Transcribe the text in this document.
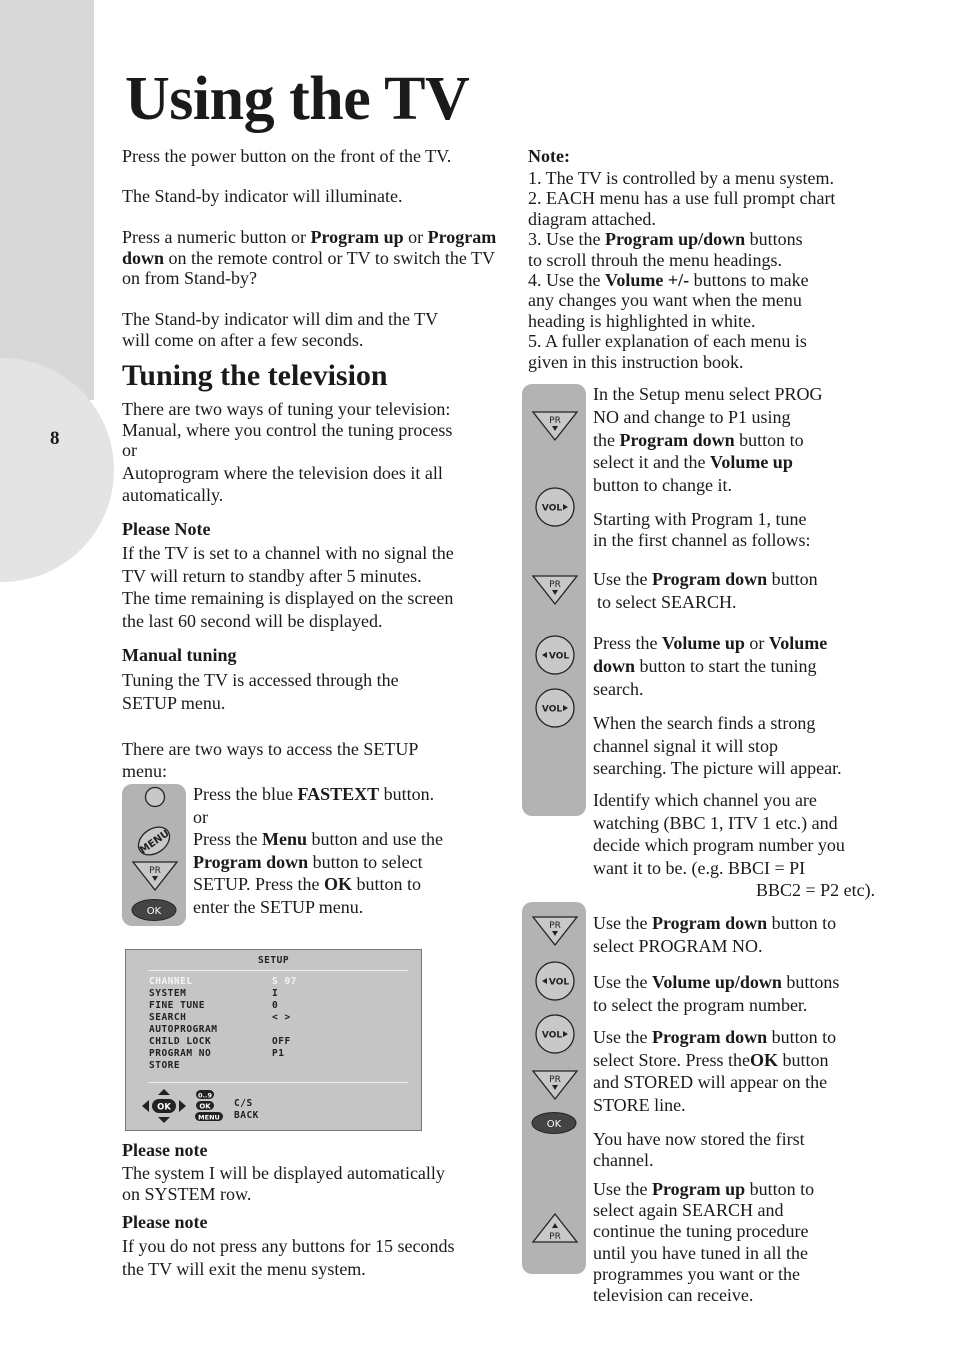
8
Using the TV

Press the power button on the front of the TV.

The Stand-by indicator will illuminate.

Press a numeric button or Program up or Program down on the remote control or TV to switch the TV on from Stand-by?

The Stand-by indicator will dim and the TV will come on after a few seconds.

Tuning the television
There are two ways of tuning your television:
Manual, where you control the tuning process
or
Autoprogram where the television does it all
automatically.

Please Note

If the TV is set to a channel with no signal the
TV will return to standby after 5 minutes.
The time remaining is displayed on the screen
the last 60 second will be displayed.

Manual tuning

Tuning the TV is accessed through the
SETUP menu.
There are two ways to access the SETUP
menu:
MENU
PR
OK
Press the blue FASTEXT button.
or
Press the Menu button and use the
Program down button to select
SETUP. Press the OK button to
enter the SETUP menu.
SETUP
CHANNEL	S 07
SYSTEM	I
FINE TUNE	0
SEARCH	< >
AUTOPROGRAM
CHILD LOCK	OFF
PROGRAM NO	P1
STORE
OK
0..9
OK
MENU
C/S
BACK

Please note

The system I will be displayed automatically
on SYSTEM row.

Please note

If you do not press any buttons for 15 seconds
the TV will exit the menu system.

Note:

1. The TV is controlled by a menu system.
2. EACH menu has a use full prompt chart
diagram attached.
3. Use the Program up/down buttons
to scroll throuh the menu headings.
4. Use the Volume +/- buttons to make
any changes you want when the menu
heading is highlighted in white.
5. A fuller explanation of each menu is
given in this instruction book.
PR
VOL
PR
VOL
VOL
In the Setup menu select PROG
NO and change to P1 using
the Program down button to
select it and the Volume up
button to change it.
Starting with Program 1, tune
in the first channel as follows:
Use the Program down button
to select SEARCH.
Press the Volume up or Volume
down button to start the tuning
search.
When the search finds a strong
channel signal it will stop
searching. The picture will appear.
Identify which channel you are
watching (BBC 1, ITV 1 etc.) and
decide which program number you
want it to be. (e.g. BBCI = PI
BBC2 = P2 etc).
PR
VOL
VOL
PR
OK
PR
Use the Program down button to
select PROGRAM NO.
Use the Volume up/down buttons
to select the program number.
Use the Program down button to
select Store. Press theOK button
and STORED will appear on the
STORE line.
You have now stored the first
channel.
Use the Program up button to
select again SEARCH and
continue the tuning procedure
until you have tuned in all the
programmes you want or the
television can receive.
